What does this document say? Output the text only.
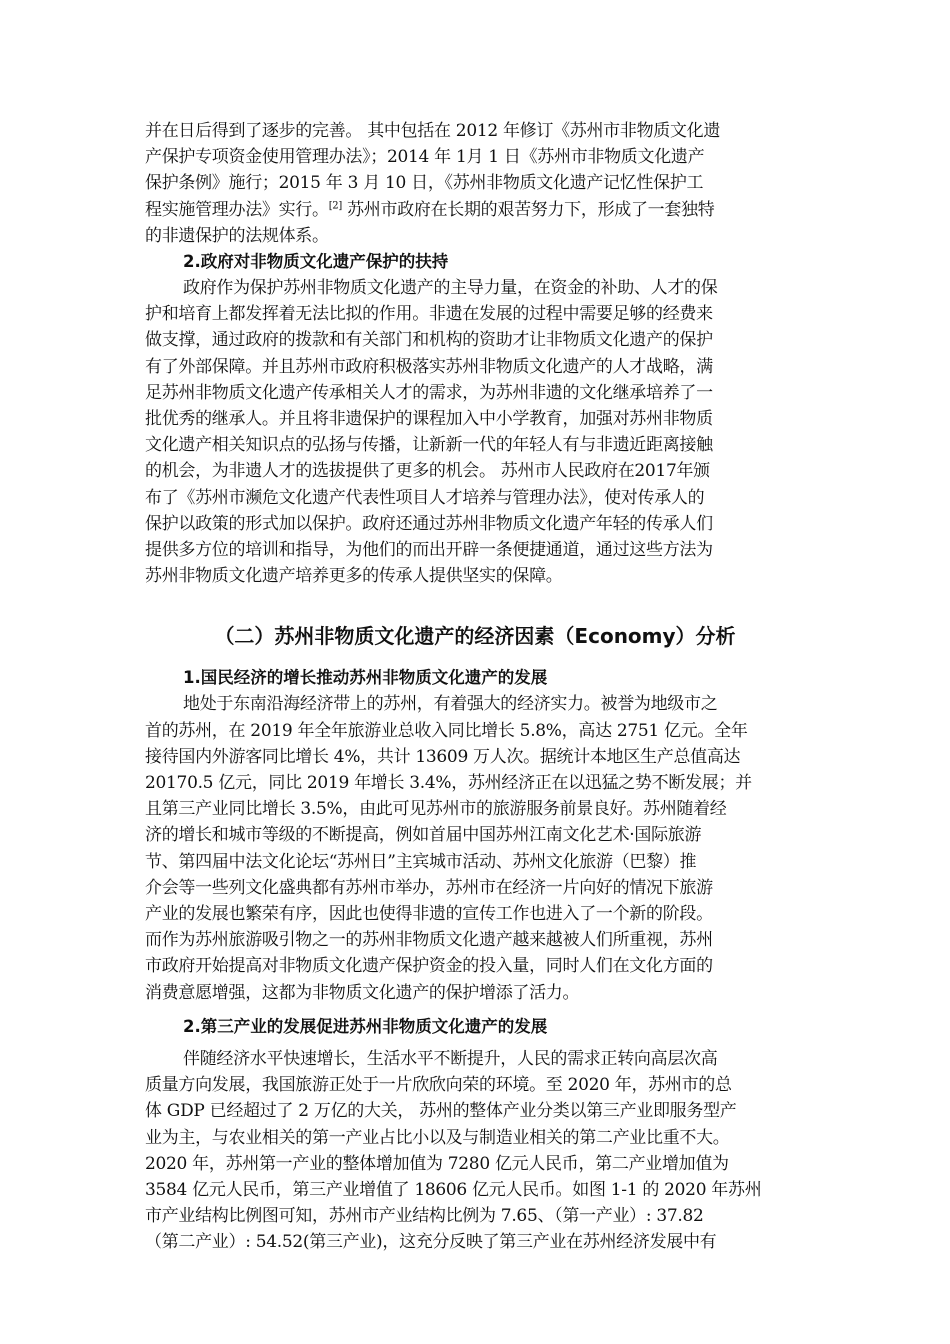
并在日后得到了逐步的完善。 其中包括在 2012 年修订《苏州市非物质文化遗
产保护专项资金使用管理办法》；2014 年 1月 1 日《苏州市非物质文化遗产
保护条例》施行；2015 年 3 月 10 日，《苏州非物质文化遗产记忆性保护工
程实施管理办法》实行。[2] 苏州市政府在长期的艰苦努力下，形成了一套独特
的非遗保护的法规体系。
2.政府对非物质文化遗产保护的扶持
政府作为保护苏州非物质文化遗产的主导力量，在资金的补助、人才的保
护和培育上都发挥着无法比拟的作用。非遗在发展的过程中需要足够的经费来
做支撑，通过政府的拨款和有关部门和机构的资助才让非物质文化遗产的保护
有了外部保障。并且苏州市政府积极落实苏州非物质文化遗产的人才战略，满
足苏州非物质文化遗产传承相关人才的需求，为苏州非遗的文化继承培养了一
批优秀的继承人。并且将非遗保护的课程加入中小学教育，加强对苏州非物质
文化遗产相关知识点的弘扬与传播，让新新一代的年轻人有与非遗近距离接触
的机会，为非遗人才的选拔提供了更多的机会。 苏州市人民政府在2017年颁
布了《苏州市濒危文化遗产代表性项目人才培养与管理办法》，使对传承人的
保护以政策的形式加以保护。政府还通过苏州非物质文化遗产年轻的传承人们
提供多方位的培训和指导，为他们的而出开辟一条便捷通道，通过这些方法为
苏州非物质文化遗产培养更多的传承人提供坚实的保障。
（二）苏州非物质文化遗产的经济因素（Economy）分析
1.国民经济的增长推动苏州非物质文化遗产的发展
地处于东南沿海经济带上的苏州，有着强大的经济实力。被誉为地级市之
首的苏州，在 2019 年全年旅游业总收入同比增长 5.8%，高达 2751 亿元。全年
接待国内外游客同比增长 4%，共计 13609 万人次。据统计本地区生产总值高达
20170.5 亿元，同比 2019 年增长 3.4%，苏州经济正在以迅猛之势不断发展；并
且第三产业同比增长 3.5%，由此可见苏州市的旅游服务前景良好。苏州随着经
济的增长和城市等级的不断提高，例如首届中国苏州江南文化艺术·国际旅游
节、第四届中法文化论坛“苏州日”主宾城市活动、苏州文化旅游（巴黎）推
介会等一些列文化盛典都有苏州市举办，苏州市在经济一片向好的情况下旅游
产业的发展也繁荣有序，因此也使得非遗的宣传工作也进入了一个新的阶段。
而作为苏州旅游吸引物之一的苏州非物质文化遗产越来越被人们所重视，苏州
市政府开始提高对非物质文化遗产保护资金的投入量，同时人们在文化方面的
消费意愿增强，这都为非物质文化遗产的保护增添了活力。
2.第三产业的发展促进苏州非物质文化遗产的发展
伴随经济水平快速增长，生活水平不断提升，人民的需求正转向高层次高
质量方向发展，我国旅游正处于一片欣欣向荣的环境。至 2020 年，苏州市的总
体 GDP 已经超过了 2 万亿的大关， 苏州的整体产业分类以第三产业即服务型产
业为主，与农业相关的第一产业占比小以及与制造业相关的第二产业比重不大。
2020 年，苏州第一产业的整体增加值为 7280 亿元人民币，第二产业增加值为
3584 亿元人民币，第三产业增值了 18606 亿元人民币。如图 1-1 的 2020 年苏州
市产业结构比例图可知，苏州市产业结构比例为 7.65、（第一产业）: 37.82
（第二产业）: 54.52(第三产业)，这充分反映了第三产业在苏州经济发展中有
